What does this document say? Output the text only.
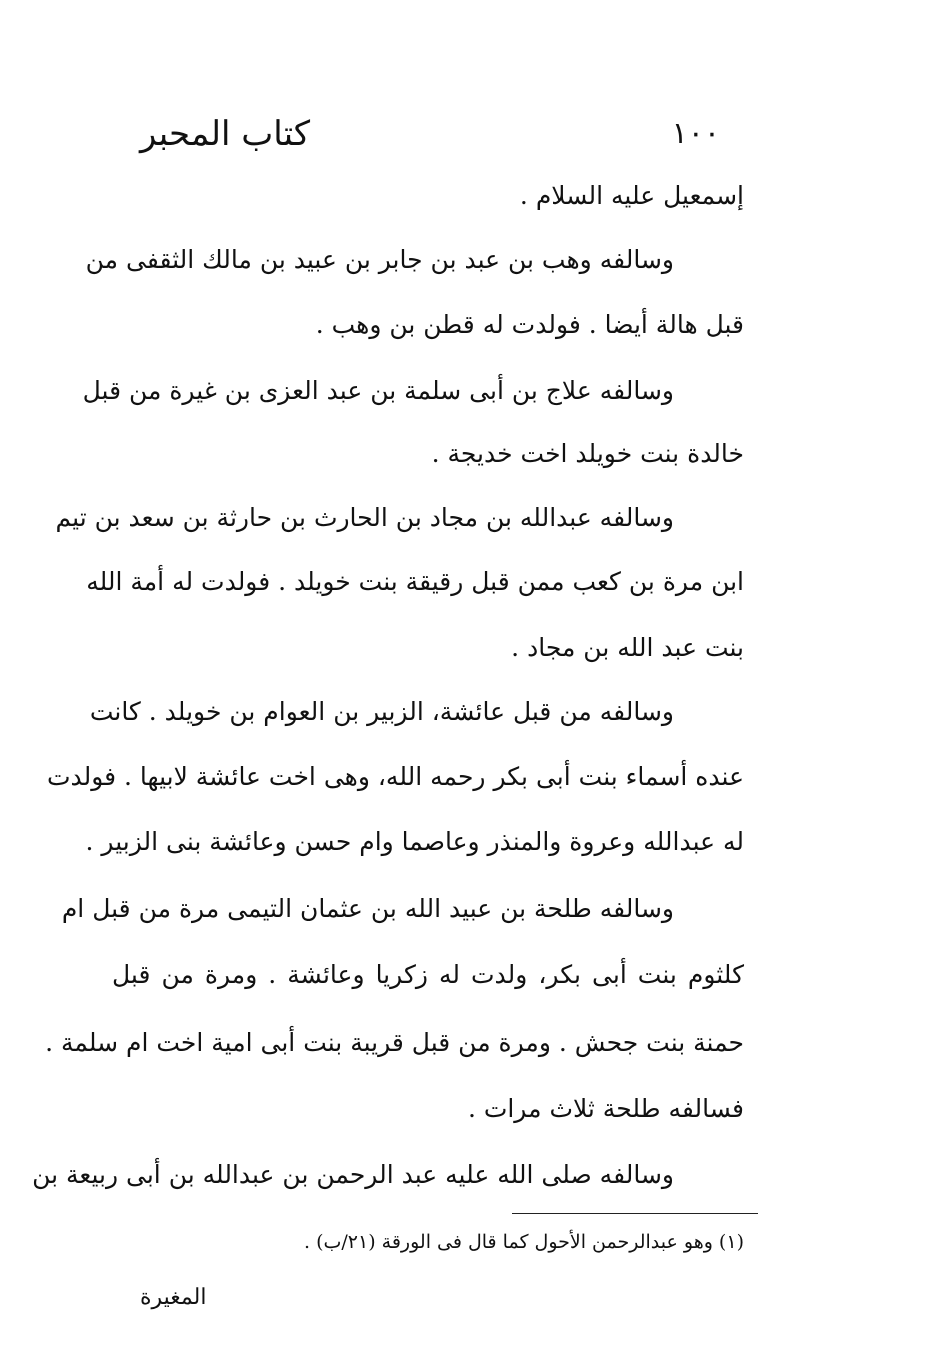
كتاب المحبر	١٠٠
إسمعيل عليه السلام .
وسالفه وهب بن عبد بن جابر بن عبيد بن مالك الثقفى من
قبل هالة أيضا . فولدت له قطن بن وهب .
وسالفه علاج بن أبى سلمة بن عبد العزى بن غيرة من قبل
خالدة بنت خويلد اخت خديجة .
وسالفه عبدالله بن مجاد بن الحارث بن حارثة بن سعد بن تيم
ابن مرة بن كعب ممن قبل رقيقة بنت خويلد . فولدت له أمة الله
بنت عبد الله بن مجاد .
وسالفه من قبل عائشة، الزبير بن العوام بن خويلد . كانت
عنده أسماء بنت أبى بكر رحمه الله، وهى اخت عائشة لابيها . فولدت
له عبدالله وعروة والمنذر وعاصما وام حسن وعائشة بنى الزبير .
وسالفه طلحة بن عبيد الله بن عثمان التيمى مرة من قبل ام
كلثوم بنت أبى بكر، ولدت له زكريا وعائشة . ومرة من قبل
حمنة بنت جحش . ومرة من قبل قريبة بنت أبى امية اخت ام سلمة .
فسالفه طلحة ثلاث مرات .
وسالفه صلى الله عليه عبد الرحمن بن عبدالله بن أبى ربيعة بن
(١) وهو عبدالرحمن الأحول كما قال فى الورقة (٢١/ب) .
المغيرة
